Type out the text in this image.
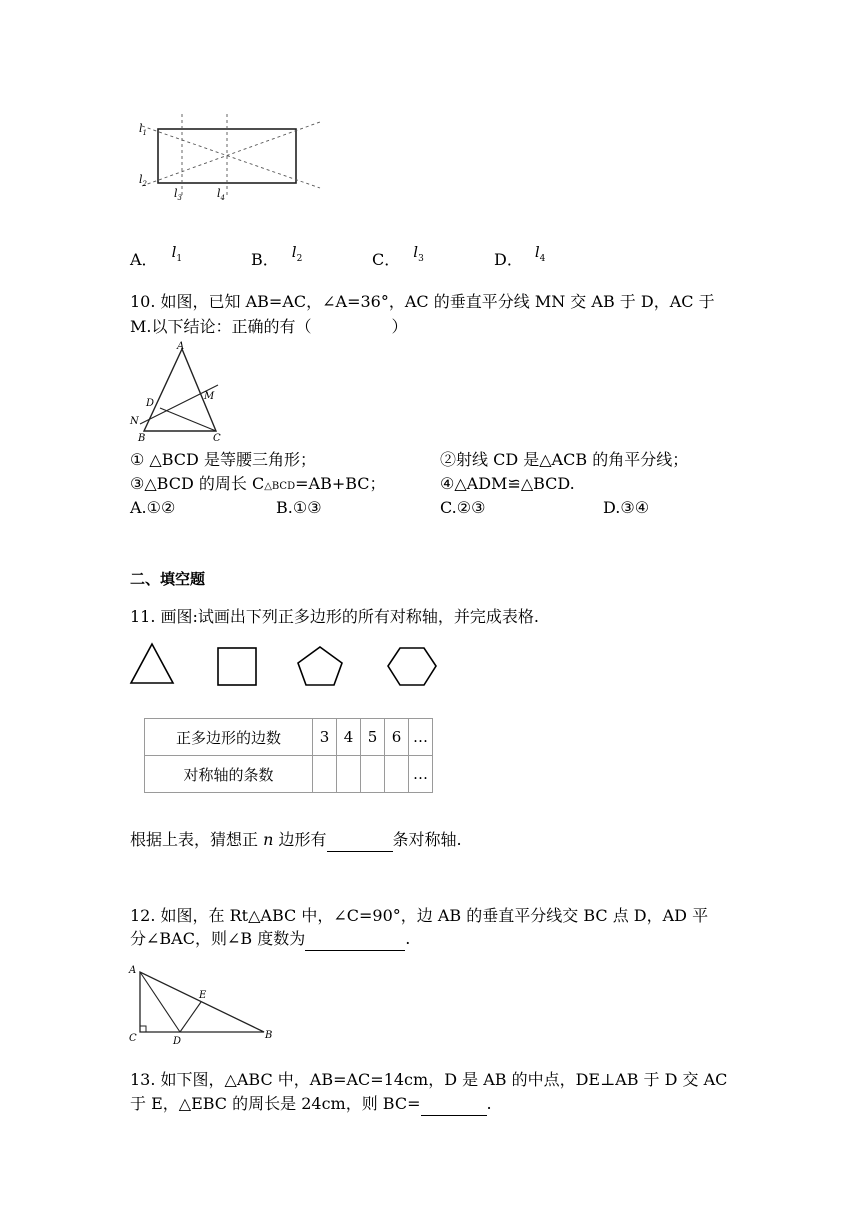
$l_1$
$l_2$
$l_3$	$l_4$
A． $l^1$	B． $l^2$	C． $l^3$	D． $l^4$
10. 如图，已知 AB=AC，∠A=36°，AC 的垂直平分线 MN 交 AB 于 D，AC 于
M.以下结论：正确的有（　　　　　）
A
D
M
N
B	C
① △BCD 是等腰三角形；	②射线 CD 是△ACB 的角平分线；
③△BCD 的周长 C△BCD=AB+BC；	④△ADM≌△BCD.
A.①②	B.①③	C.②③	D.③④
二、填空题
11. 画图:试画出下列正多边形的所有对称轴，并完成表格.
正多边形的边数	3	4	5	6	…
对称轴的条数					…
根据上表，猜想正 n 边形有	条对称轴.
12. 如图，在 Rt△ABC 中，∠C=90°，边 AB 的垂直平分线交 BC 点 D，AD 平
分∠BAC，则∠B 度数为	.
A
E
C	D
B
13. 如下图，△ABC 中，AB=AC=14cm，D 是 AB 的中点，DE⊥AB 于 D 交 AC
于 E，△EBC 的周长是 24cm，则 BC=	.
